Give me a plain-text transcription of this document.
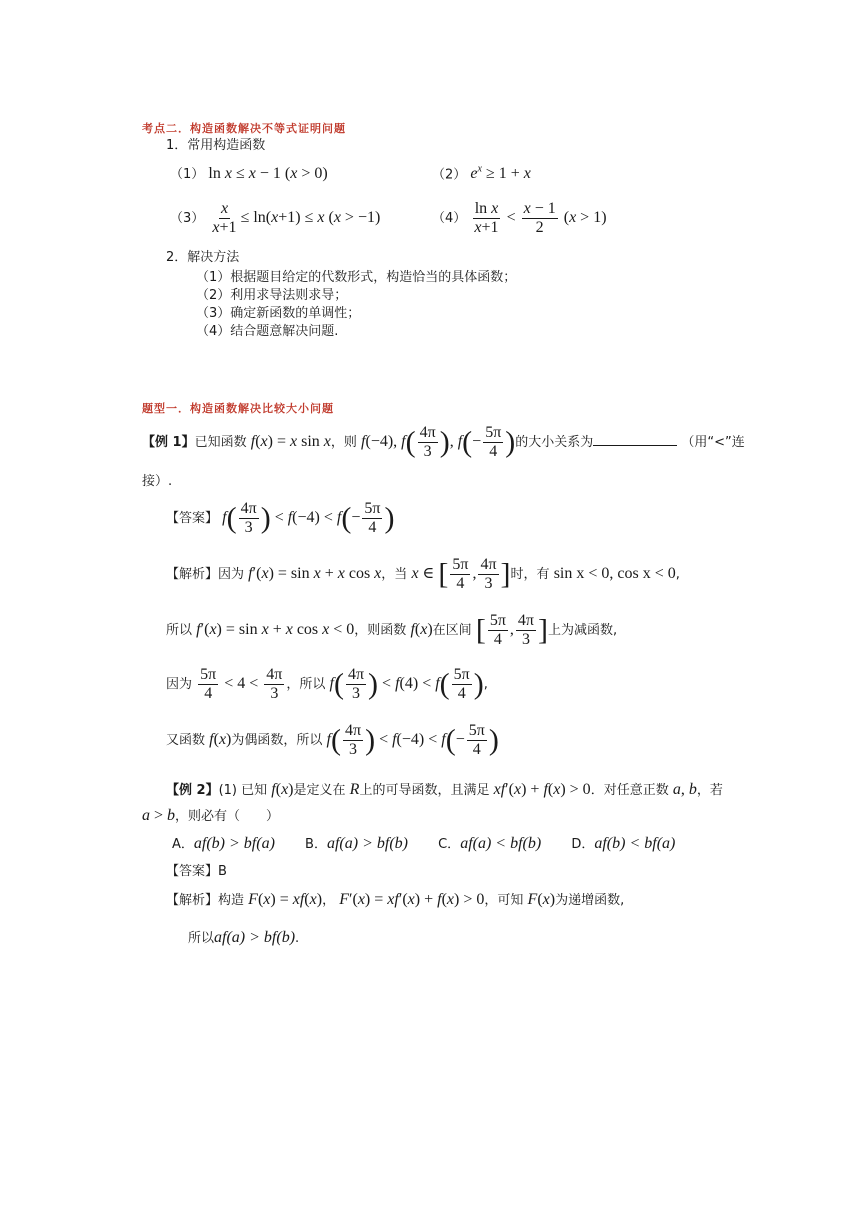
考点二．构造函数解决不等式证明问题
1．常用构造函数
（1） ln x ≤ x − 1 (x > 0)	（2） $e^x \ge 1 + x$
$(3) \frac{x}{x+1} \le \ln(x+1) \le x$ (x > −1)	$(4) \frac{\text{ln x}}{x+1} < \frac{x - 1}{2} (x > 1)$
2．解决方法
（1）根据题目给定的代数形式，构造恰当的具体函数；
（2）利用求导法则求导；
（3）确定新函数的单调性；
（4）结合题意解决问题.
题型一．构造函数解决比较大小问题
【例 1】已知函数 f(x) = x sin x，则 f(−4), $f( \frac{4\pi}{3}$ ), $f(- \frac{5\pi}{4}$ )的大小关系为	（用“<”连
接）.
【答案】 $f( \frac{4\pi}{3}$ ) < $f(-4) < f(- \frac{5\pi}{4}$ )
【解析】因为 f′(x) = sin x + x cos x，当 x ∈ [ $\frac{5\pi}{4}$ , $\frac{4\pi}{3}$ ]时，有 sin x < 0, cos x < 0,
所以 f′(x) = sin x + x cos x < 0，则函数 f(x)在区间 [ $\frac{5\pi}{4}$ , $\frac{4\pi}{3}$ ]上为减函数,
因为 $\frac{5\pi}{4} < 4 < \frac{4\pi}{3}$ ，所以 $f( \frac{4\pi}{3}$ ) < $f(4) < f( \frac{5\pi}{4}$ ),
又函数 f(x)为偶函数，所以 $f( \frac{4\pi}{3}$ ) < $f(-4) < f(- \frac{5\pi}{4}$ )
【例 2】(1) 已知 f(x)是定义在 R上的可导函数，且满足 xf′(x) + f(x) > 0．对任意正数 a, b，若
a > b，则必有（　　）
A．af(b) > bf(a) B．af(a) > bf(b) C．af(a) < bf(b) D．af(b) < bf(a)
【答案】B
【解析】构造 F(x) = xf(x)， F′(x) = xf′(x) + f(x) > 0，可知 F(x)为递增函数,
所以af(a) > bf(b).
